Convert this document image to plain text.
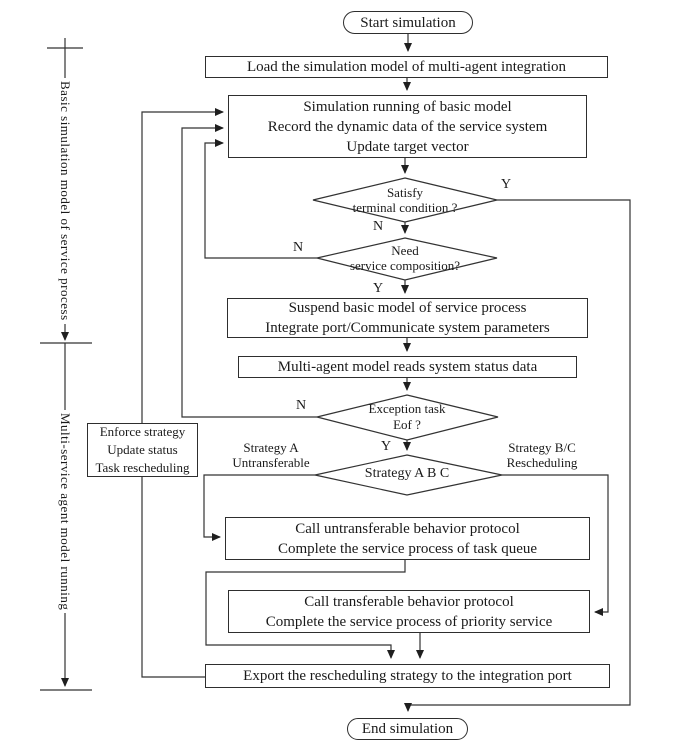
Start simulation
Load the simulation model of multi-agent integration
Simulation running of basic model
Record the dynamic data of the service system
Update target vector
Satisfy
terminal condition ?
Need
service composition?
Suspend basic model of service process
Integrate port/Communicate system parameters
Multi-agent model reads system status data
Exception task
Eof ?
Strategy A B C
Enforce strategy
Update status
Task rescheduling
Call untransferable behavior protocol
Complete the service process of task queue
Call transferable behavior protocol
Complete the service process of priority service
Export the rescheduling strategy to the integration port
End simulation
Y
N
N
Y
N
Y
Strategy A
Untransferable
Strategy B/C
Rescheduling
Basic simulation model of service process
Multi-service agent model running
